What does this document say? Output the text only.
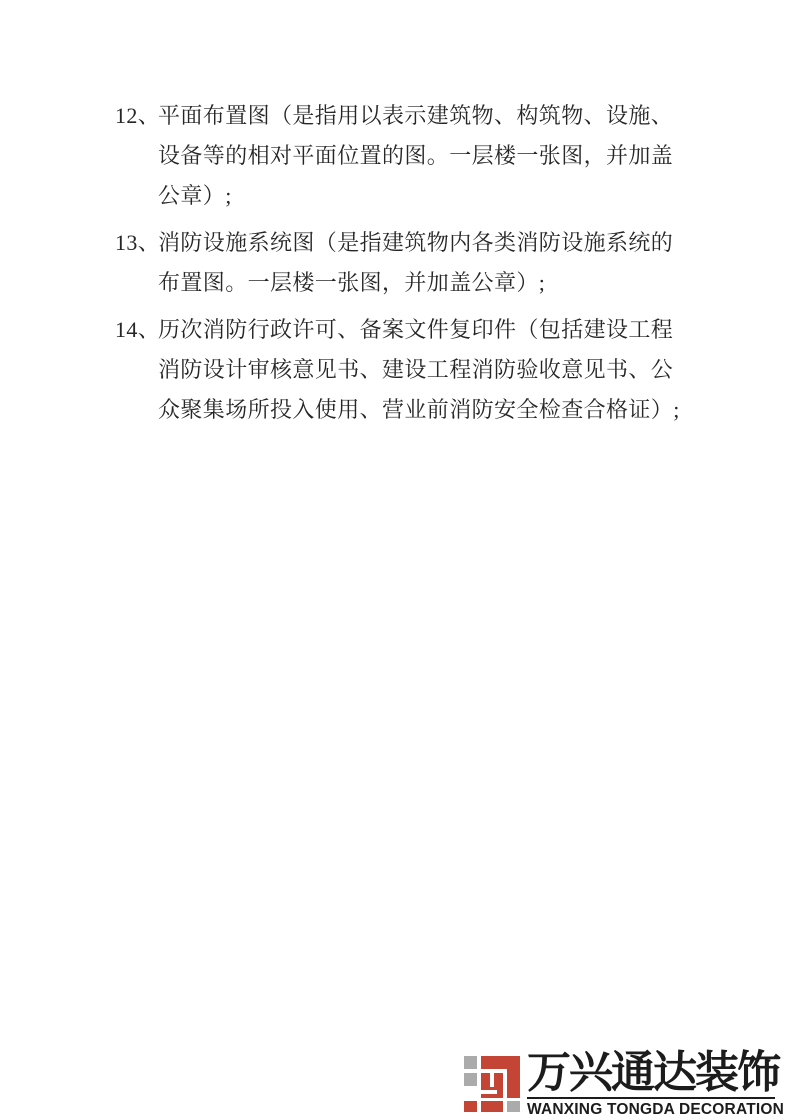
12、
平面布置图（是指用以表示建筑物、构筑物、设施、
设备等的相对平面位置的图。一层楼一张图，并加盖
公章）;
13、
消防设施系统图（是指建筑物内各类消防设施系统的
布置图。一层楼一张图，并加盖公章）;
14、
历次消防行政许可、备案文件复印件（包括建设工程
消防设计审核意见书、建设工程消防验收意见书、公
众聚集场所投入使用、营业前消防安全检查合格证）;
万兴通达装饰
WANXING TONGDA DECORATION
